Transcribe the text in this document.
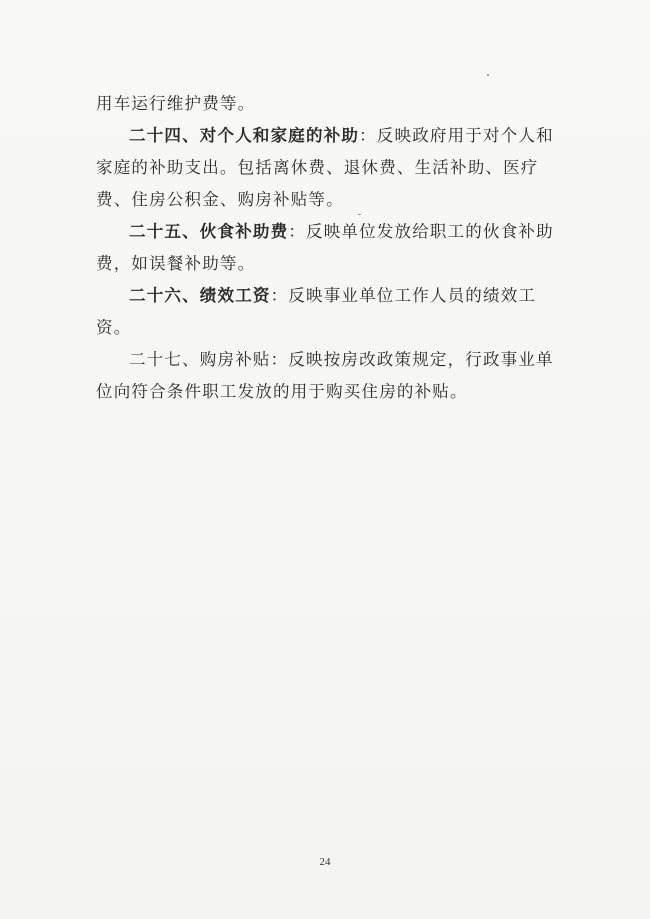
用车运行维护费等。

二十四、对个人和家庭的补助：反映政府用于对个人和家庭的补助支出。包括离休费、退休费、生活补助、医疗费、住房公积金、购房补贴等。

二十五、伙食补助费：反映单位发放给职工的伙食补助费，如误餐补助等。

二十六、绩效工资：反映事业单位工作人员的绩效工资。

二十七、购房补贴：反映按房改政策规定，行政事业单位向符合条件职工发放的用于购买住房的补贴。

24
